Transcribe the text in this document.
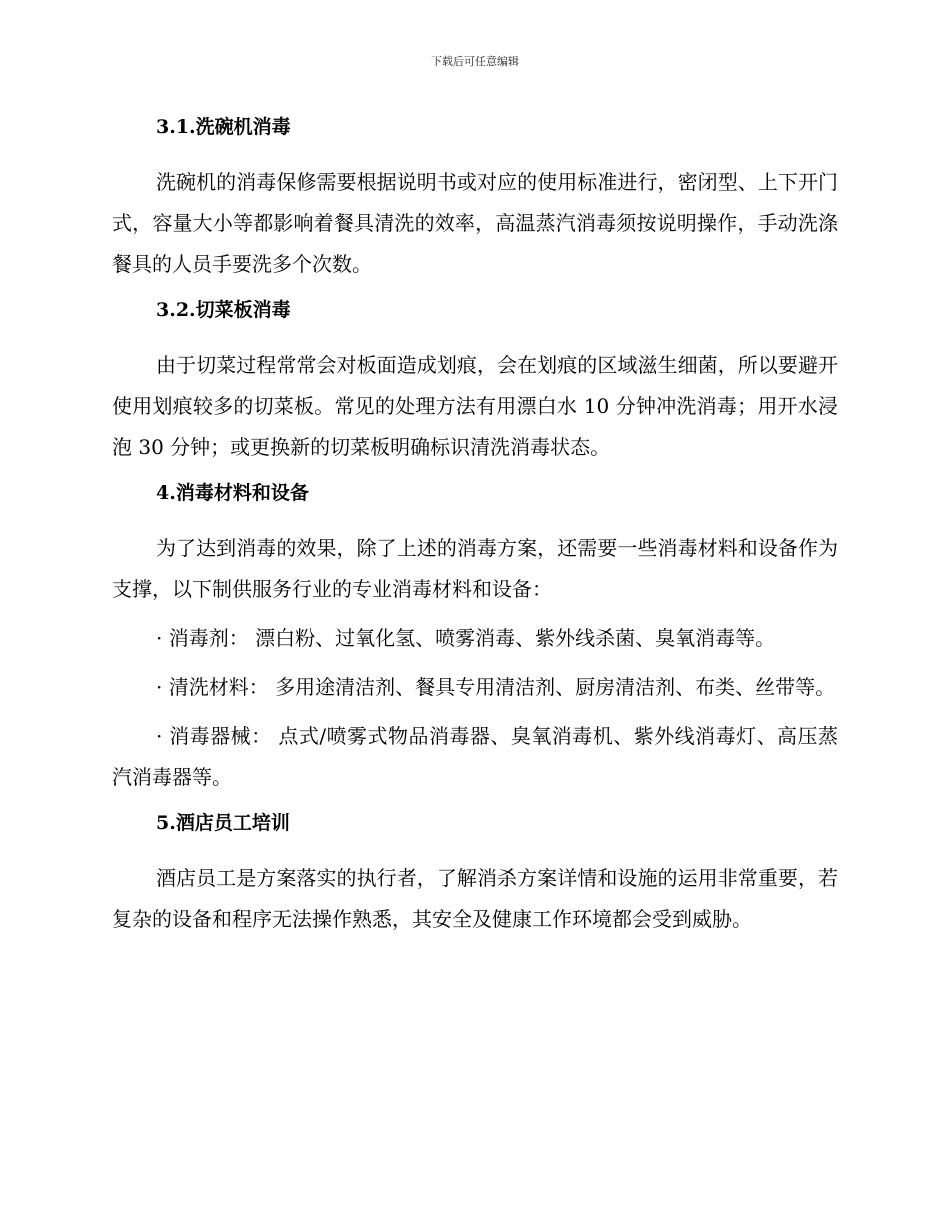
下载后可任意编辑
3.1.洗碗机消毒

洗碗机的消毒保修需要根据说明书或对应的使用标准进行，密闭型、上下开门式，容量大小等都影响着餐具清洗的效率，高温蒸汽消毒须按说明操作，手动洗涤餐具的人员手要洗多个次数。

3.2.切菜板消毒

由于切菜过程常常会对板面造成划痕，会在划痕的区域滋生细菌，所以要避开使用划痕较多的切菜板。常见的处理方法有用漂白水 10 分钟冲洗消毒；用开水浸泡 30 分钟；或更换新的切菜板明确标识清洗消毒状态。

4.消毒材料和设备

为了达到消毒的效果，除了上述的消毒方案，还需要一些消毒材料和设备作为支撑，以下制供服务行业的专业消毒材料和设备：

· 消毒剂： 漂白粉、过氧化氢、喷雾消毒、紫外线杀菌、臭氧消毒等。

· 清洗材料： 多用途清洁剂、餐具专用清洁剂、厨房清洁剂、布类、丝带等。

· 消毒器械： 点式/喷雾式物品消毒器、臭氧消毒机、紫外线消毒灯、高压蒸汽消毒器等。

5.酒店员工培训

酒店员工是方案落实的执行者，了解消杀方案详情和设施的运用非常重要，若复杂的设备和程序无法操作熟悉，其安全及健康工作环境都会受到威胁。
